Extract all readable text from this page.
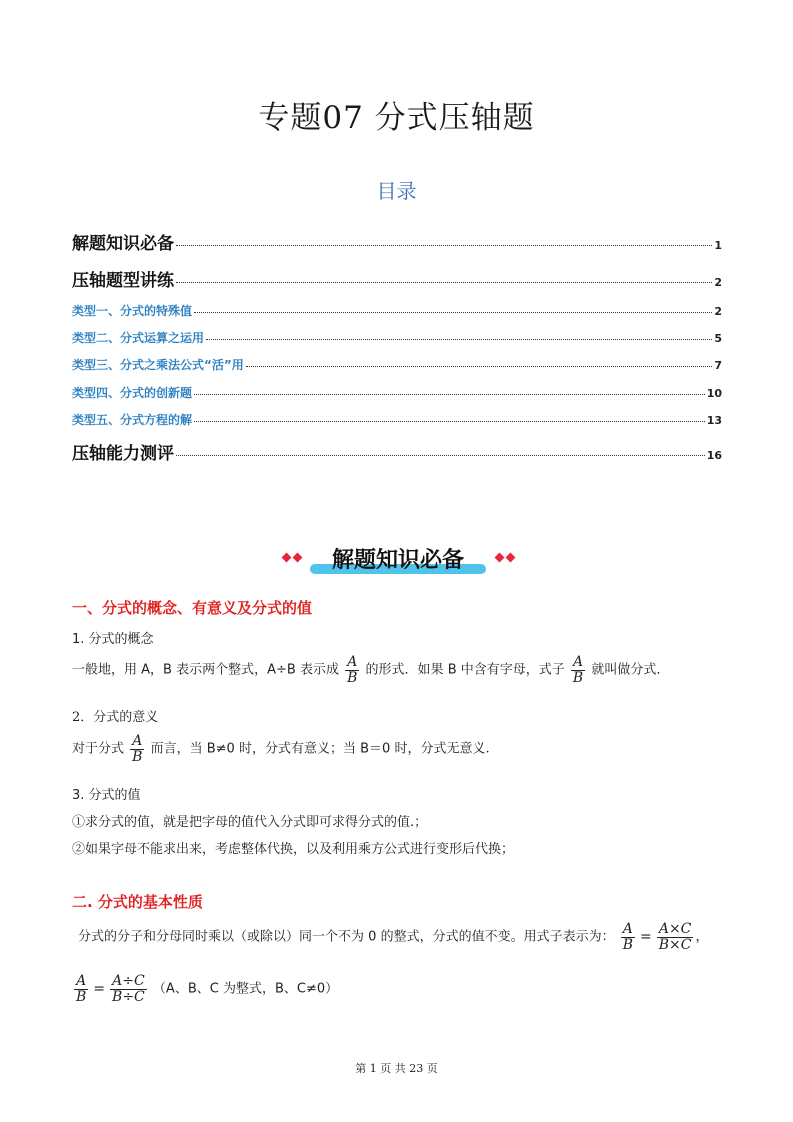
专题07 分式压轴题
目录
解题知识必备	1
压轴题型讲练	2
类型一、分式的特殊值	2
类型二、分式运算之运用	5
类型三、分式之乘法公式“活”用	7
类型四、分式的创新题	10
类型五、分式方程的解	13
压轴能力测评	16
解题知识必备
一、分式的概念、有意义及分式的值
1. 分式的概念
一般地，用 A，B 表示两个整式，A÷B 表示成 $\frac{A}{B}$ 的形式．如果 B 中含有字母，式子 $\frac{A}{B}$ 就叫做分式．
2．分式的意义
对于分式 $\frac{A}{B}$ 而言，当 B≠0 时，分式有意义；当 B＝0 时，分式无意义.
3. 分式的值
①求分式的值，就是把字母的值代入分式即可求得分式的值.；
②如果字母不能求出来，考虑整体代换，以及利用乘方公式进行变形后代换；
二. 分式的基本性质
分式的分子和分母同时乘以（或除以）同一个不为 0 的整式，分式的值不变。用式子表示为： $\frac{A}{B} = \frac{A\times C}{B\times C}$ ，
$\frac{A}{B} = \frac{A\div C}{B\div C} (A$、B、C 为整式，B、C≠0）
第 1 页 共 23 页
